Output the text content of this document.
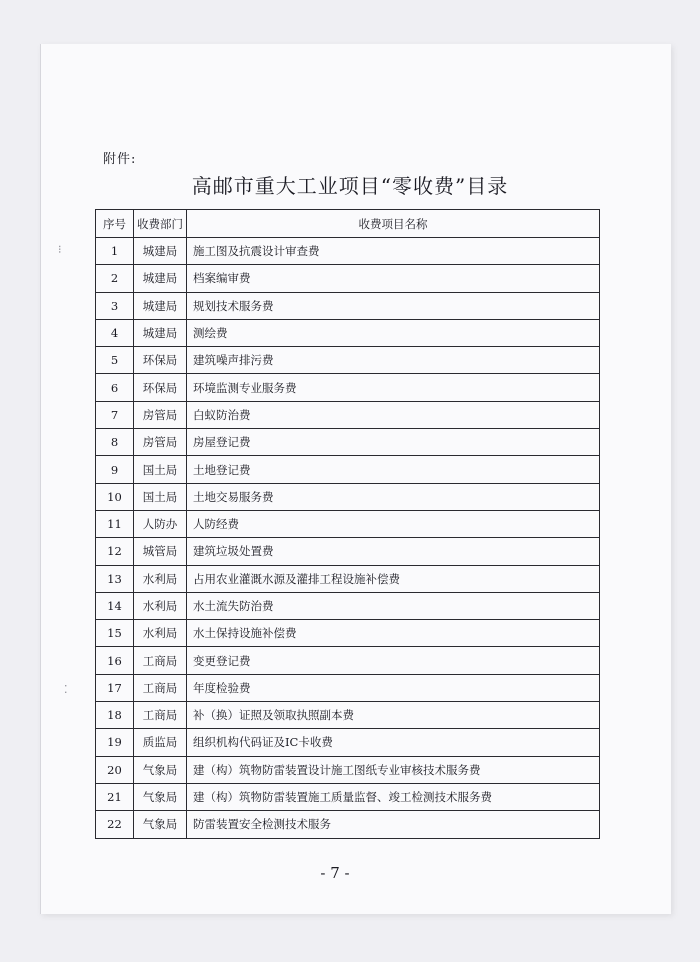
⁝
⁚
附件:
高邮市重大工业项目“零收费”目录
序号	收费部门	收费项目名称
1	城建局	施工图及抗震设计审查费
2	城建局	档案编审费
3	城建局	规划技术服务费
4	城建局	测绘费
5	环保局	建筑噪声排污费
6	环保局	环境监测专业服务费
7	房管局	白蚁防治费
8	房管局	房屋登记费
9	国土局	土地登记费
10	国土局	土地交易服务费
11	人防办	人防经费
12	城管局	建筑垃圾处置费
13	水利局	占用农业灌溉水源及灌排工程设施补偿费
14	水利局	水土流失防治费
15	水利局	水土保持设施补偿费
16	工商局	变更登记费
17	工商局	年度检验费
18	工商局	补（换）证照及领取执照副本费
19	质监局	组织机构代码证及IC卡收费
20	气象局	建（构）筑物防雷装置设计施工图纸专业审核技术服务费
21	气象局	建（构）筑物防雷装置施工质量监督、竣工检测技术服务费
22	气象局	防雷装置安全检测技术服务
- 7 -
